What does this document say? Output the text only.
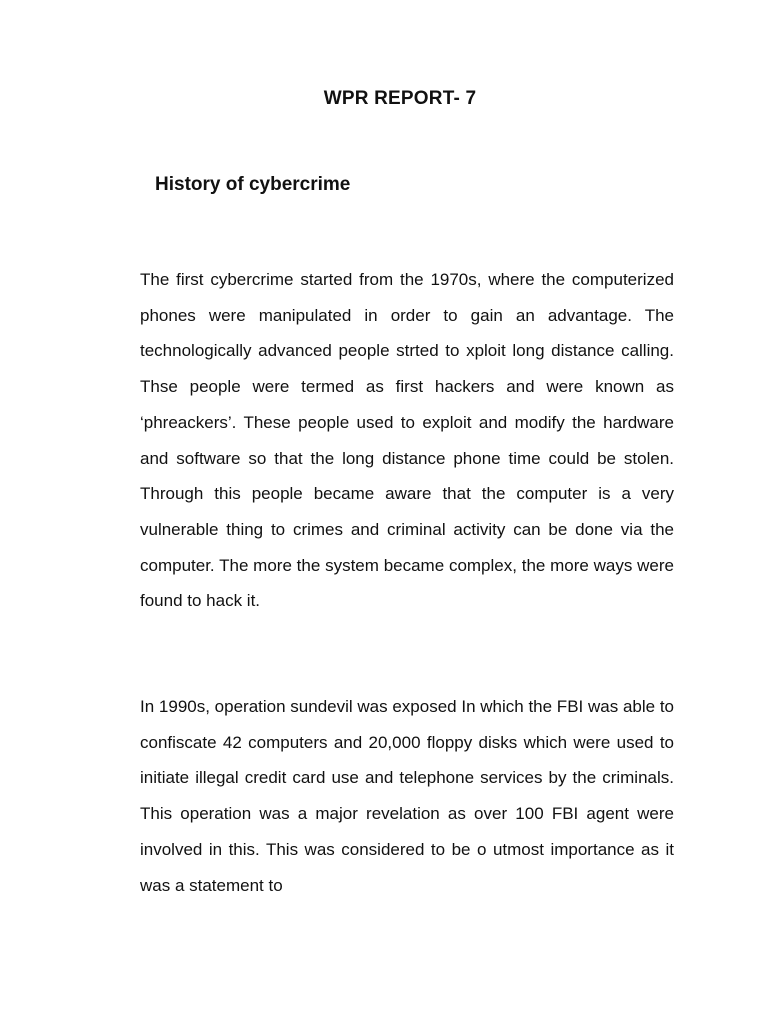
WPR REPORT- 7
History of cybercrime

The first cybercrime started from the 1970s, where the computerized phones were manipulated in order to gain an advantage. The technologically advanced people strted to xploit long distance calling. Thse people were termed as first hackers and were known as ‘phreackers’. These people used to exploit and modify the hardware and software so that the long distance phone time could be stolen. Through this people became aware that the computer is a very vulnerable thing to crimes and criminal activity can be done via the computer. The more the system became complex, the more ways were found to hack it.

In 1990s, operation sundevil was exposed In which the FBI was able to confiscate 42 computers and 20,000 floppy disks which were used to initiate illegal credit card use and telephone services by the criminals. This operation was a major revelation as over 100 FBI agent were involved in this. This was considered to be o utmost importance as it was a statement to
